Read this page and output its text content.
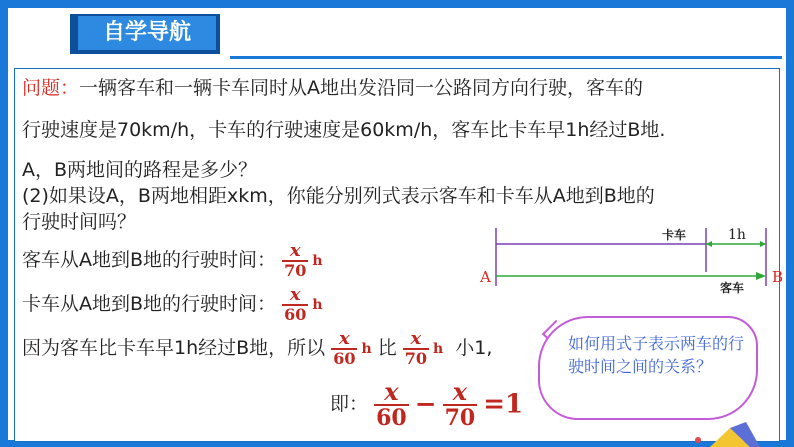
自学导航
问题：一辆客车和一辆卡车同时从A地出发沿同一公路同方向行驶，客车的
行驶速度是70km/h，卡车的行驶速度是60km/h，客车比卡车早1h经过B地.
A，B两地间的路程是多少？
(2)如果设A，B两地相距xkm，你能分别列式表示客车和卡车从A地到B地的
行驶时间吗？
客车从A地到B地的行驶时间： $\frac{x}{70}$ h
卡车从A地到B地的行驶时间： $\frac{x}{60}$ h
因为客车比卡车早1h经过B地，所以 $\frac{x}{60}$ h 比 $\frac{x}{70}$ h 小1,
即： $\frac{x}{60} - \frac{x}{70} =1$
卡车	1h
客车
A	B
如何用式子表示两车的行驶时间之间的关系？
